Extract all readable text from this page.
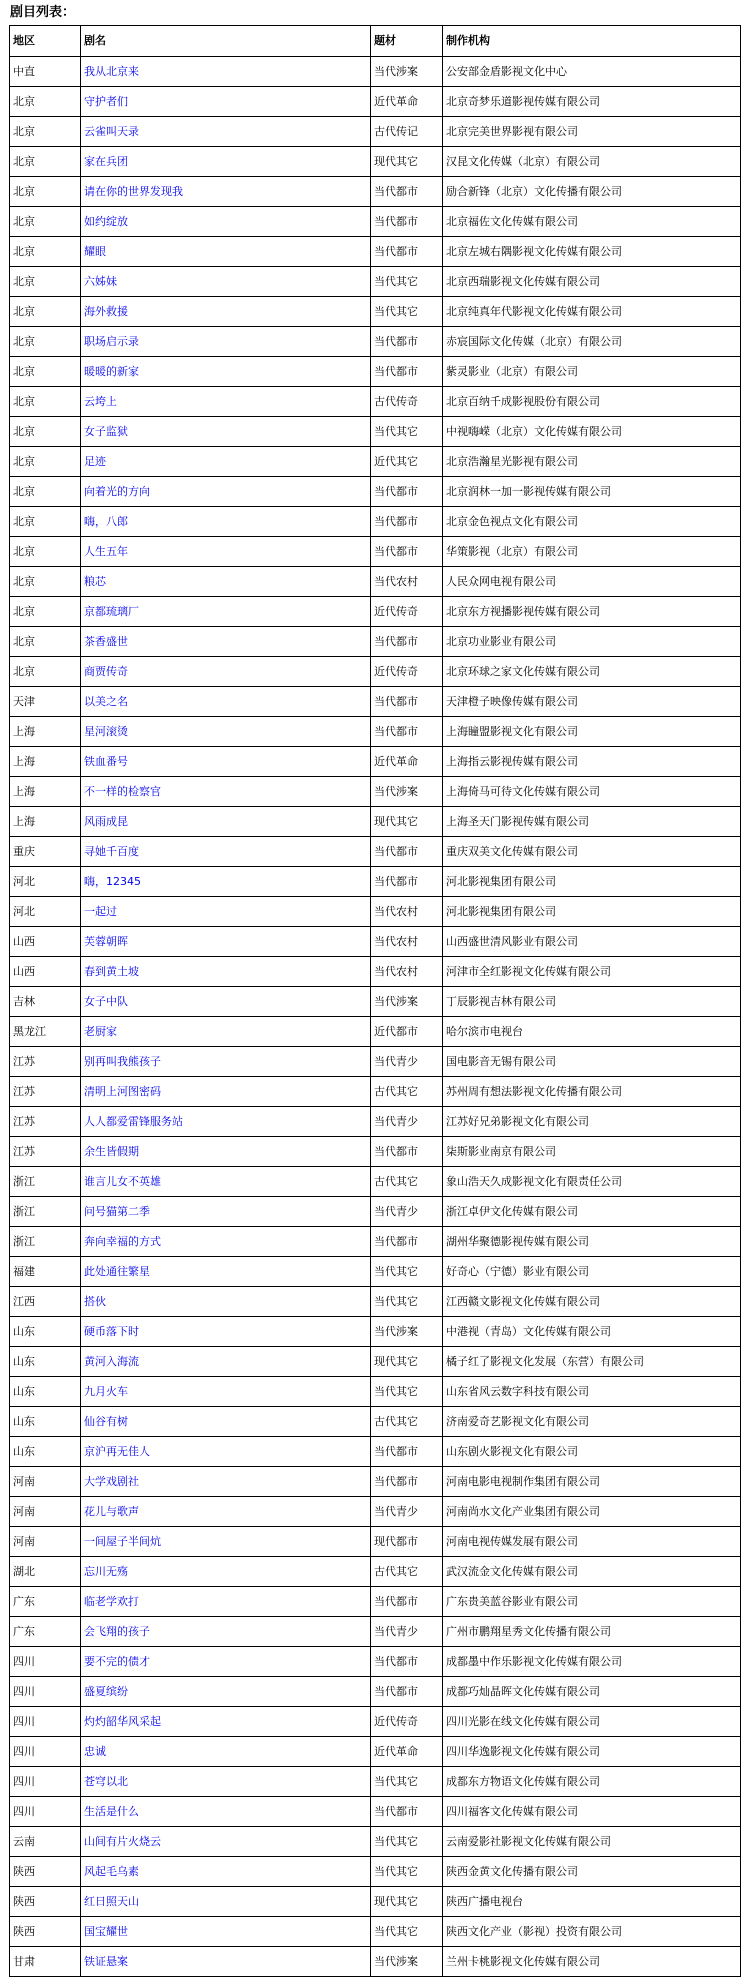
剧目列表：

地区	剧名	题材	制作机构
中直	我从北京来	当代涉案	公安部金盾影视文化中心
北京	守护者们	近代革命	北京奇梦乐道影视传媒有限公司
北京	云雀叫天录	古代传记	北京完美世界影视有限公司
北京	家在兵团	现代其它	汉昆文化传媒（北京）有限公司
北京	请在你的世界发现我	当代都市	励合新锋（北京）文化传播有限公司
北京	如约绽放	当代都市	北京福佐文化传媒有限公司
北京	耀眼	当代都市	北京左城右隅影视文化传媒有限公司
北京	六姊妹	当代其它	北京西瑞影视文化传媒有限公司
北京	海外救援	当代其它	北京纯真年代影视文化传媒有限公司
北京	职场启示录	当代都市	赤宸国际文化传媒（北京）有限公司
北京	暖暖的新家	当代都市	紫灵影业（北京）有限公司
北京	云垮上	古代传奇	北京百纳千成影视股份有限公司
北京	女子监狱	当代其它	中视嗨嵘（北京）文化传媒有限公司
北京	足迹	近代其它	北京浩瀚星光影视有限公司
北京	向着光的方向	当代都市	北京润林一加一影视传媒有限公司
北京	嗨，八郎	当代都市	北京金色视点文化有限公司
北京	人生五年	当代都市	华策影视（北京）有限公司
北京	粮芯	当代农村	人民众网电视有限公司
北京	京都琉璃厂	近代传奇	北京东方视播影视传媒有限公司
北京	茶香盛世	当代都市	北京功业影业有限公司
北京	商贾传奇	近代传奇	北京环球之家文化传媒有限公司
天津	以美之名	当代都市	天津橙子映像传媒有限公司
上海	星河滚烫	当代都市	上海瞳盟影视文化有限公司
上海	铁血番号	近代革命	上海指云影视传媒有限公司
上海	不一样的检察官	当代涉案	上海倚马可待文化传媒有限公司
上海	风雨成昆	现代其它	上海圣天门影视传媒有限公司
重庆	寻她千百度	当代都市	重庆双美文化传媒有限公司
河北	嗨，12345	当代都市	河北影视集团有限公司
河北	一起过	当代农村	河北影视集团有限公司
山西	芙蓉朝晖	当代农村	山西盛世清风影业有限公司
山西	春到黄土坡	当代农村	河津市全红影视文化传媒有限公司
吉林	女子中队	当代涉案	丁辰影视吉林有限公司
黑龙江	老厨家	近代都市	哈尔滨市电视台
江苏	别再叫我熊孩子	当代青少	国电影音无锡有限公司
江苏	清明上河图密码	古代其它	苏州周有想法影视文化传播有限公司
江苏	人人都爱雷锋服务站	当代青少	江苏好兄弟影视文化有限公司
江苏	余生皆假期	当代都市	柒斯影业南京有限公司
浙江	谁言儿女不英雄	古代其它	象山浩天久成影视文化有限责任公司
浙江	问号猫第二季	当代青少	浙江卓伊文化传媒有限公司
浙江	奔向幸福的方式	当代都市	湖州华聚德影视传媒有限公司
福建	此处通往繁星	当代其它	好奇心（宁德）影业有限公司
江西	搭伙	当代其它	江西赣文影视文化传媒有限公司
山东	硬币落下时	当代涉案	中港视（青岛）文化传媒有限公司
山东	黄河入海流	现代其它	橘子红了影视文化发展（东营）有限公司
山东	九月火车	当代其它	山东省风云数字科技有限公司
山东	仙谷有树	古代其它	济南爱奇艺影视文化有限公司
山东	京沪再无佳人	当代都市	山东剧火影视文化有限公司
河南	大学戏剧社	当代都市	河南电影电视制作集团有限公司
河南	花儿与歌声	当代青少	河南尚水文化产业集团有限公司
河南	一间屋子半间炕	现代都市	河南电视传媒发展有限公司
湖北	忘川无殇	古代其它	武汉流金文化传媒有限公司
广东	临老学欢打	当代都市	广东贵美蓝谷影业有限公司
广东	会飞翔的孩子	当代青少	广州市鹏翔星秀文化传播有限公司
四川	要不完的债才	当代都市	成都墨中作乐影视文化传媒有限公司
四川	盛夏缤纷	当代都市	成都巧灿晶晖文化传媒有限公司
四川	灼灼韶华风采起	近代传奇	四川光影在线文化传媒有限公司
四川	忠诚	近代革命	四川华逸影视文化传媒有限公司
四川	苍穹以北	当代其它	成都东方物语文化传媒有限公司
四川	生活是什么	当代都市	四川福客文化传媒有限公司
云南	山间有片火烧云	当代其它	云南爱影社影视文化传媒有限公司
陕西	风起毛乌素	当代其它	陕西金黄文化传播有限公司
陕西	红日照天山	现代其它	陕西广播电视台
陕西	国宝耀世	当代其它	陕西文化产业（影视）投资有限公司
甘肃	铁证悬案	当代涉案	兰州卡桃影视文化传媒有限公司
